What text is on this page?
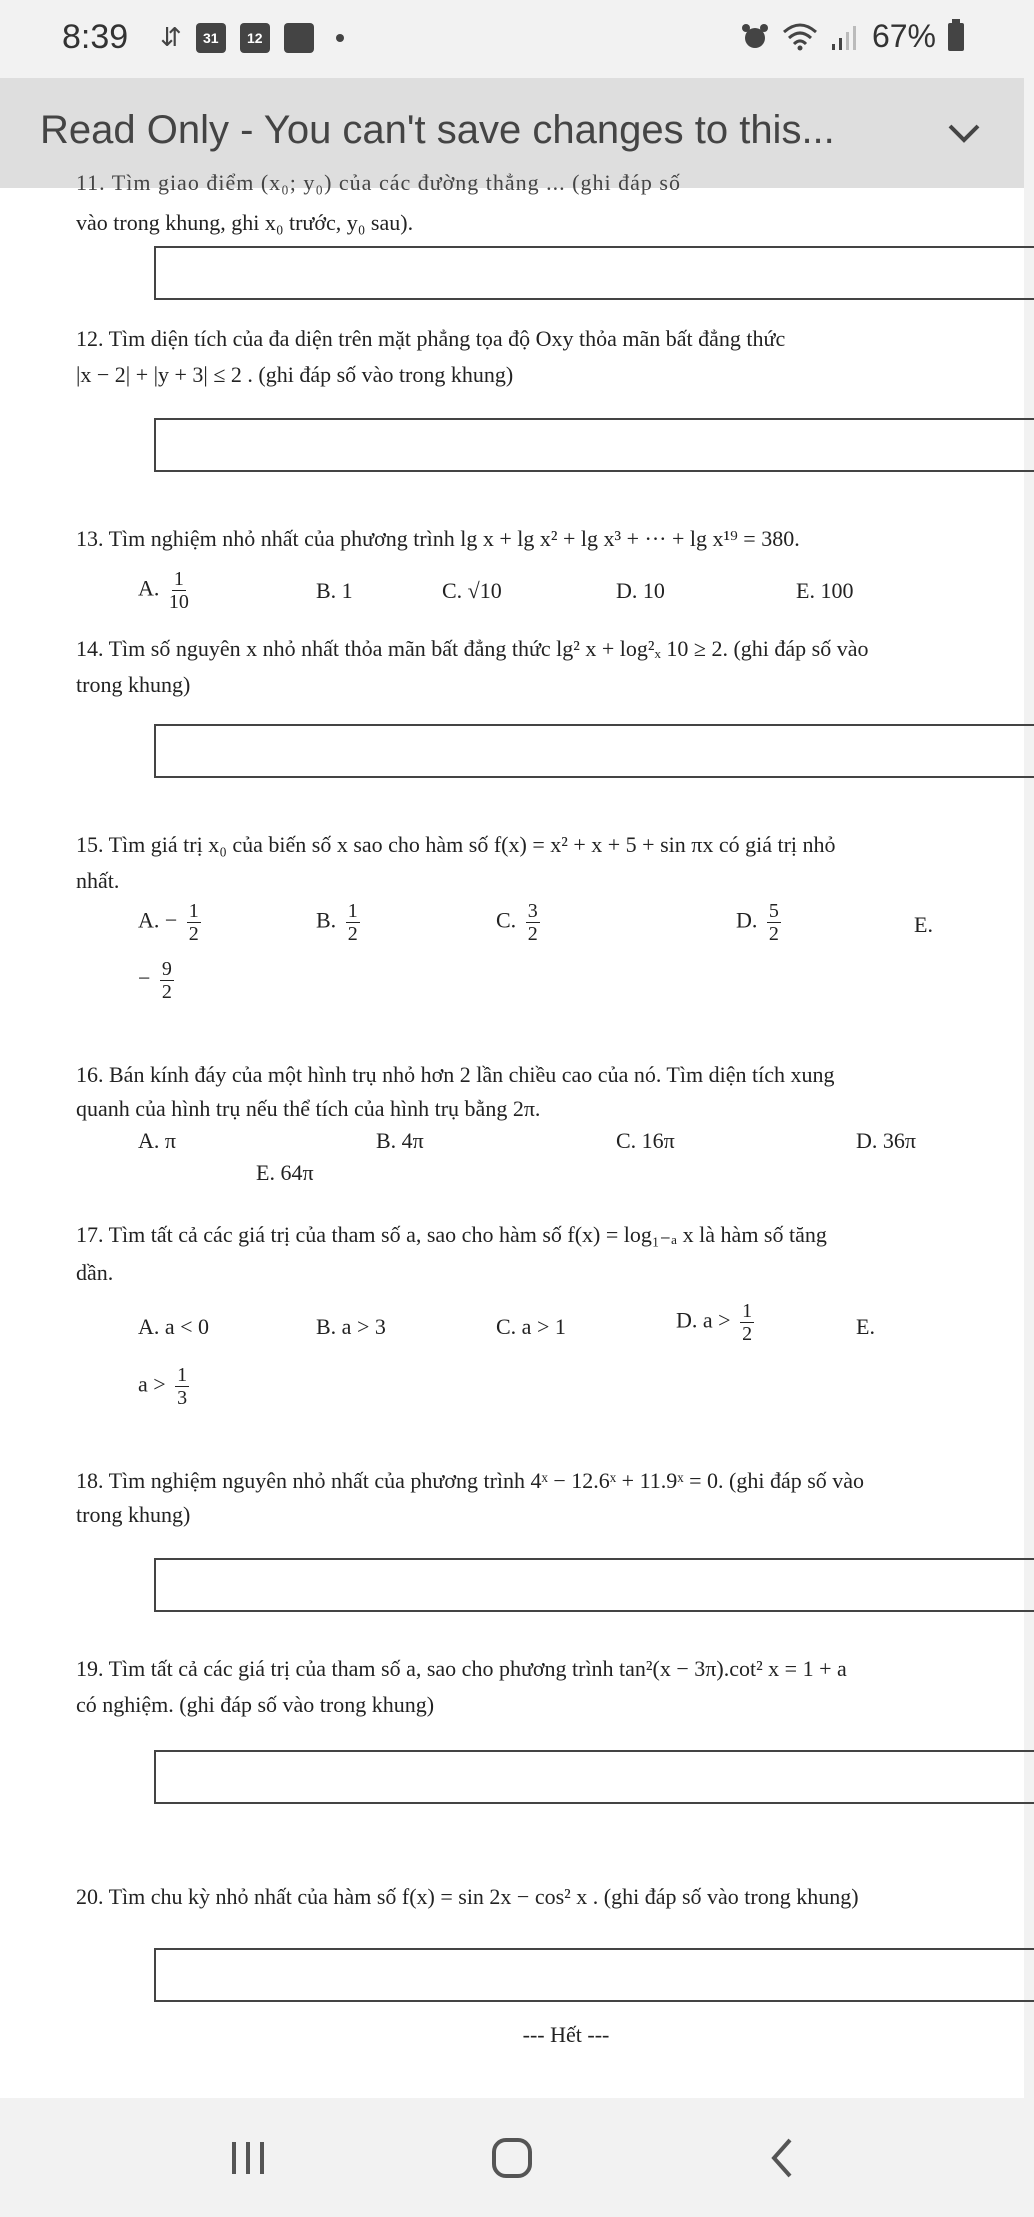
8:39 ⇵	31	12	67%
Read Only - You can't save changes to this...
11. Tìm giao điểm (x₀; y₀) của các đường thẳng ... (ghi đáp số
vào trong khung, ghi x₀ trước, y₀ sau).
12. Tìm diện tích của đa diện trên mặt phẳng tọa độ Oxy thỏa mãn bất đẳng thức
|x − 2| + |y + 3| ≤ 2 . (ghi đáp số vào trong khung)
13. Tìm nghiệm nhỏ nhất của phương trình lg x + lg x² + lg x³ + ··· + lg x¹⁹ = 380.
A. $\frac{1}{10}$	B. 1	C. √10	D. 10	E. 100
14. Tìm số nguyên x nhỏ nhất thỏa mãn bất đẳng thức lg² x + log²ₓ 10 ≥ 2. (ghi đáp số vào
trong khung)
15. Tìm giá trị x₀ của biến số x sao cho hàm số f(x) = x² + x + 5 + sin πx có giá trị nhỏ
nhất.
A. − $\frac{1}{2}$	B. $\frac{1}{2}$	C. $\frac{3}{2}$	D. $\frac{5}{2}$	E.
− $\frac{9}{2}$
16. Bán kính đáy của một hình trụ nhỏ hơn 2 lần chiều cao của nó. Tìm diện tích xung
quanh của hình trụ nếu thể tích của hình trụ bằng 2π.
A. π	B. 4π	C. 16π	D. 36π
E. 64π
17. Tìm tất cả các giá trị của tham số a, sao cho hàm số f(x) = log₁₋ₐ x là hàm số tăng
dần.
A. a < 0	B. a > 3	C. a > 1	D. $a > \frac{1}{2}$	E.
$a > \frac{1}{3}$
18. Tìm nghiệm nguyên nhỏ nhất của phương trình 4ˣ − 12.6ˣ + 11.9ˣ = 0. (ghi đáp số vào
trong khung)
19. Tìm tất cả các giá trị của tham số a, sao cho phương trình tan²(x − 3π).cot² x = 1 + a
có nghiệm. (ghi đáp số vào trong khung)
20. Tìm chu kỳ nhỏ nhất của hàm số f(x) = sin 2x − cos² x . (ghi đáp số vào trong khung)
--- Hết ---
